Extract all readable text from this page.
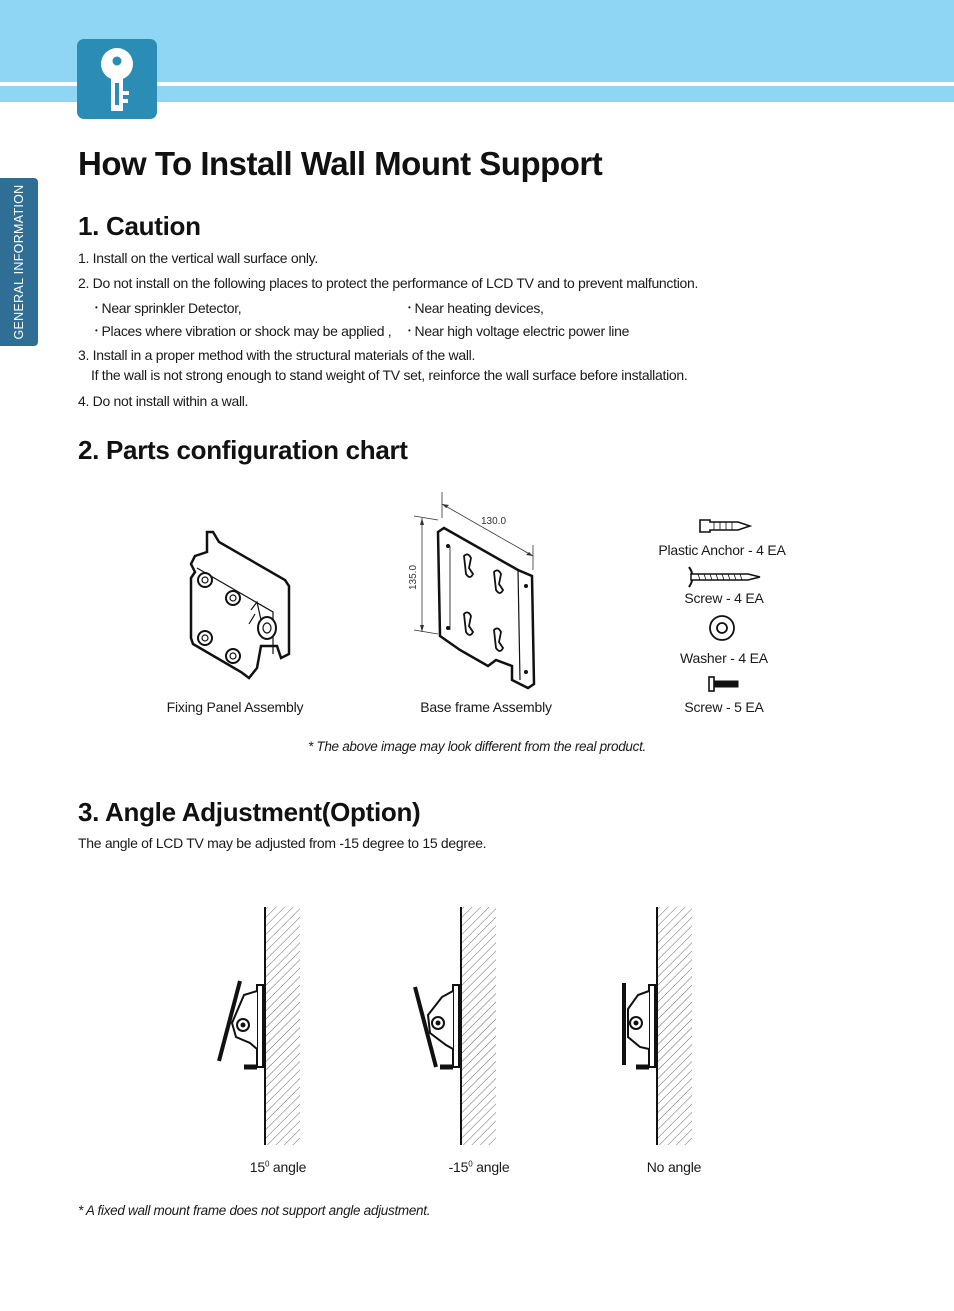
GENERAL INFORMATION
How To Install Wall Mount Support
1. Caution
1. Install on the vertical wall surface only.
2. Do not install on the following places to protect the performance of LCD TV and to prevent malfunction.
• Near sprinkler Detector,	• Near heating devices,
• Places where vibration or shock may be applied ,	• Near high voltage electric power line
3. Install in a proper method with the structural materials of the wall.
If the wall is not strong enough to stand weight of TV set, reinforce the wall surface before installation.
4. Do not install within a wall.
2. Parts configuration chart
Fixing Panel Assembly
130.0
135.0
Base frame Assembly
Plastic Anchor - 4 EA
Screw - 4 EA
Washer - 4 EA
Screw - 5 EA
* The above image may look different from the real product.
3. Angle Adjustment(Option)
The angle of LCD TV may be adjusted from -15 degree to 15 degree.
$15^0$ angle	$-15^0$ angle	No angle
* A fixed wall mount frame does not support angle adjustment.
